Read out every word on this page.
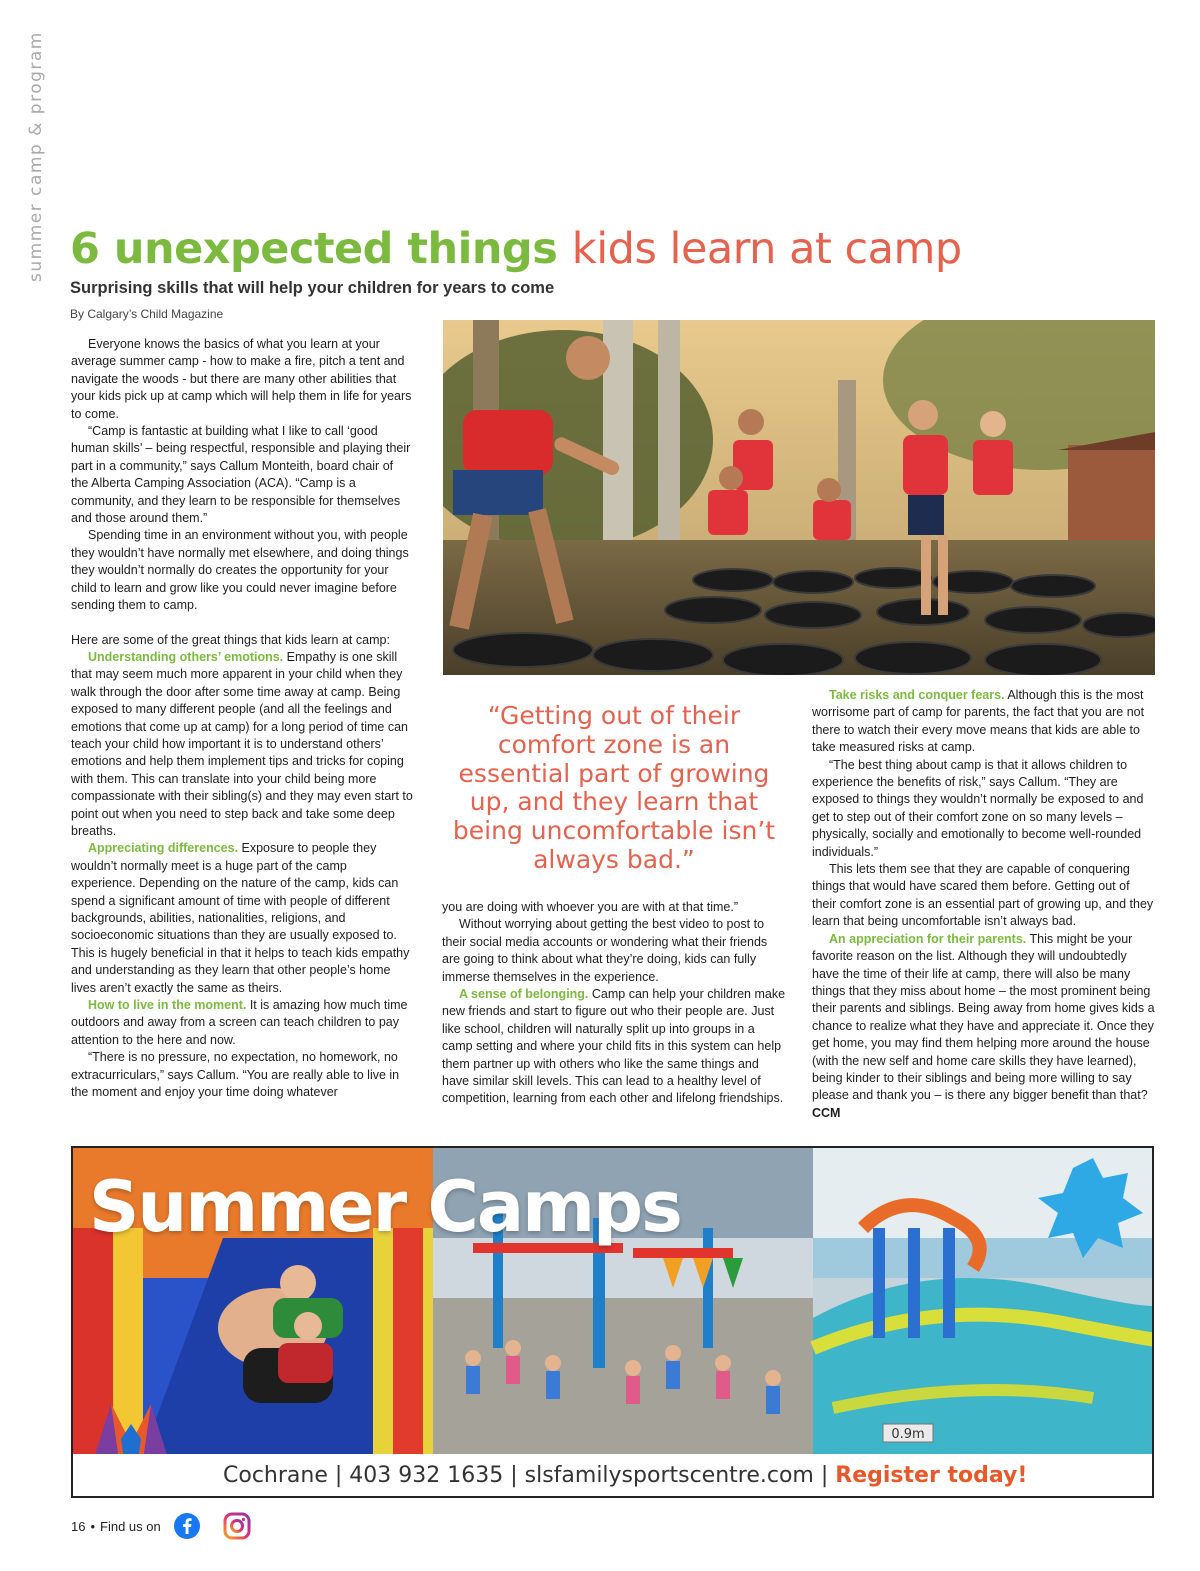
summer camp & program 6 unexpected things kids learn at camp
Surprising skills that will help your children for years to come
By Calgary’s Child Magazine

Everyone knows the basics of what you learn at your average summer camp - how to make a fire, pitch a tent and navigate the woods - but there are many other abilities that your kids pick up at camp which will help them in life for years to come.

“Camp is fantastic at building what I like to call ‘good human skills’ – being respectful, responsible and playing their part in a community,” says Callum Monteith, board chair of the Alberta Camping Association (ACA). “Camp is a community, and they learn to be responsible for themselves and those around them.”

Spending time in an environment without you, with people they wouldn’t have normally met elsewhere, and doing things they wouldn’t normally do creates the opportunity for your child to learn and grow like you could never imagine before sending them to camp.

Here are some of the great things that kids learn at camp:

Understanding others’ emotions. Empathy is one skill that may seem much more apparent in your child when they walk through the door after some time away at camp. Being exposed to many different people (and all the feelings and emotions that come up at camp) for a long period of time can teach your child how important it is to understand others’ emotions and help them implement tips and tricks for coping with them. This can translate into your child being more compassionate with their sibling(s) and they may even start to point out when you need to step back and take some deep breaths.

Appreciating differences. Exposure to people they wouldn’t normally meet is a huge part of the camp experience. Depending on the nature of the camp, kids can spend a significant amount of time with people of different backgrounds, abilities, nationalities, religions, and socioeconomic situations than they are usually exposed to. This is hugely beneficial in that it helps to teach kids empathy and understanding as they learn that other people’s home lives aren’t exactly the same as theirs.

How to live in the moment. It is amazing how much time outdoors and away from a screen can teach children to pay attention to the here and now.

“There is no pressure, no expectation, no homework, no extracurriculars,” says Callum. “You are really able to live in the moment and enjoy your time doing whatever

“Getting out of their comfort zone is an essential part of growing up, and they learn that being uncomfortable isn’t always bad.”

you are doing with whoever you are with at that time.”

Without worrying about getting the best video to post to their social media accounts or wondering what their friends are going to think about what they’re doing, kids can fully immerse themselves in the experience.

A sense of belonging. Camp can help your children make new friends and start to figure out who their people are. Just like school, children will naturally split up into groups in a camp setting and where your child fits in this system can help them partner up with others who like the same things and have similar skill levels. This can lead to a healthy level of competition, learning from each other and lifelong friendships.

Take risks and conquer fears. Although this is the most worrisome part of camp for parents, the fact that you are not there to watch their every move means that kids are able to take measured risks at camp.

“The best thing about camp is that it allows children to experience the benefits of risk,” says Callum. “They are exposed to things they wouldn’t normally be exposed to and get to step out of their comfort zone on so many levels – physically, socially and emotionally to become well-rounded individuals.”

This lets them see that they are capable of conquering things that would have scared them before. Getting out of their comfort zone is an essential part of growing up, and they learn that being uncomfortable isn’t always bad.

An appreciation for their parents. This might be your favorite reason on the list. Although they will undoubtedly have the time of their life at camp, there will also be many things that they miss about home – the most prominent being their parents and siblings. Being away from home gives kids a chance to realize what they have and appreciate it. Once they get home, you may find them helping more around the house (with the new self and home care skills they have learned), being kinder to their siblings and being more willing to say please and thank you – is there any bigger benefit than that? CCM

0.9m
Summer Camps
Cochrane | 403 932 1635 | slsfamilysportscentre.com | Register today!
16 • Find us on
